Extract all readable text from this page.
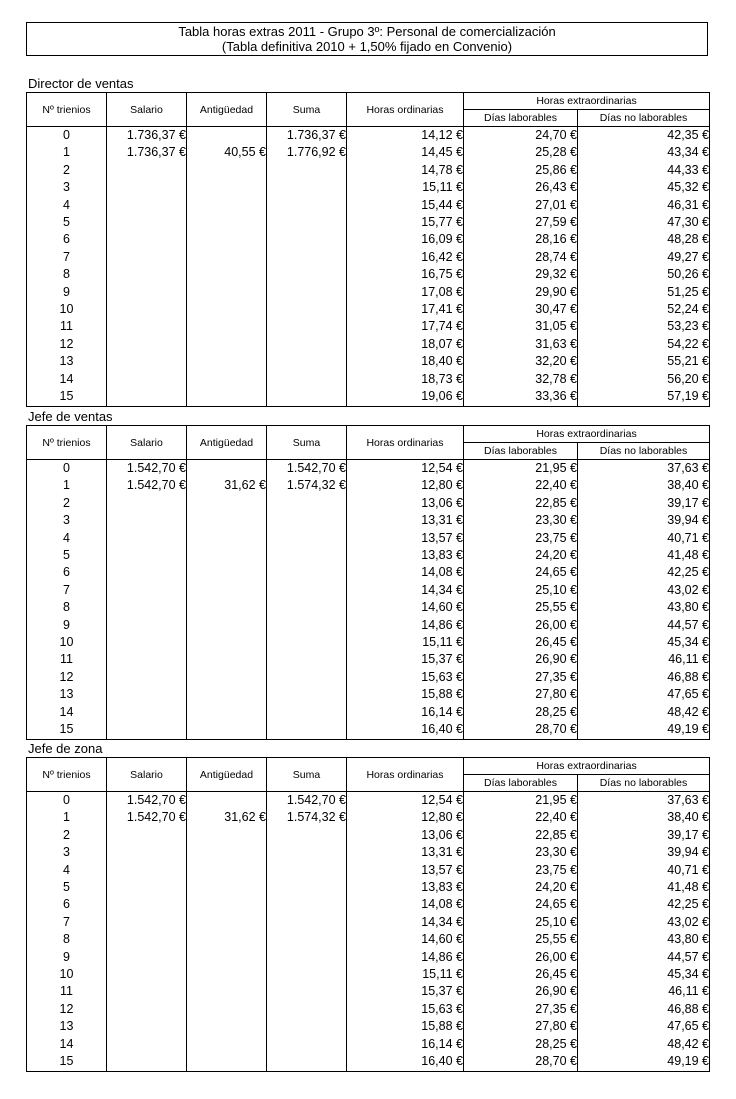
Tabla horas extras 2011 - Grupo 3º: Personal de comercialización
(Tabla definitiva 2010 + 1,50% fijado en Convenio)
Director de ventas
Nº trienios	Salario	Antigüedad	Suma	Horas ordinarias	Horas extraordinarias	
					Días laborables	Días no laborables
0	1.736,37 €		1.736,37 €	14,12 €	24,70 €	42,35 €
1	1.736,37 €	40,55 €	1.776,92 €	14,45 €	25,28 €	43,34 €
2				14,78 €	25,86 €	44,33 €
3				15,11 €	26,43 €	45,32 €
4				15,44 €	27,01 €	46,31 €
5				15,77 €	27,59 €	47,30 €
6				16,09 €	28,16 €	48,28 €
7				16,42 €	28,74 €	49,27 €
8				16,75 €	29,32 €	50,26 €
9				17,08 €	29,90 €	51,25 €
10				17,41 €	30,47 €	52,24 €
11				17,74 €	31,05 €	53,23 €
12				18,07 €	31,63 €	54,22 €
13				18,40 €	32,20 €	55,21 €
14				18,73 €	32,78 €	56,20 €
15				19,06 €	33,36 €	57,19 €
Jefe de ventas
Nº trienios	Salario	Antigüedad	Suma	Horas ordinarias	Horas extraordinarias	
					Días laborables	Días no laborables
0	1.542,70 €		1.542,70 €	12,54 €	21,95 €	37,63 €
1	1.542,70 €	31,62 €	1.574,32 €	12,80 €	22,40 €	38,40 €
2				13,06 €	22,85 €	39,17 €
3				13,31 €	23,30 €	39,94 €
4				13,57 €	23,75 €	40,71 €
5				13,83 €	24,20 €	41,48 €
6				14,08 €	24,65 €	42,25 €
7				14,34 €	25,10 €	43,02 €
8				14,60 €	25,55 €	43,80 €
9				14,86 €	26,00 €	44,57 €
10				15,11 €	26,45 €	45,34 €
11				15,37 €	26,90 €	46,11 €
12				15,63 €	27,35 €	46,88 €
13				15,88 €	27,80 €	47,65 €
14				16,14 €	28,25 €	48,42 €
15				16,40 €	28,70 €	49,19 €
Jefe de zona
Nº trienios	Salario	Antigüedad	Suma	Horas ordinarias	Horas extraordinarias	
					Días laborables	Días no laborables
0	1.542,70 €		1.542,70 €	12,54 €	21,95 €	37,63 €
1	1.542,70 €	31,62 €	1.574,32 €	12,80 €	22,40 €	38,40 €
2				13,06 €	22,85 €	39,17 €
3				13,31 €	23,30 €	39,94 €
4				13,57 €	23,75 €	40,71 €
5				13,83 €	24,20 €	41,48 €
6				14,08 €	24,65 €	42,25 €
7				14,34 €	25,10 €	43,02 €
8				14,60 €	25,55 €	43,80 €
9				14,86 €	26,00 €	44,57 €
10				15,11 €	26,45 €	45,34 €
11				15,37 €	26,90 €	46,11 €
12				15,63 €	27,35 €	46,88 €
13				15,88 €	27,80 €	47,65 €
14				16,14 €	28,25 €	48,42 €
15				16,40 €	28,70 €	49,19 €
